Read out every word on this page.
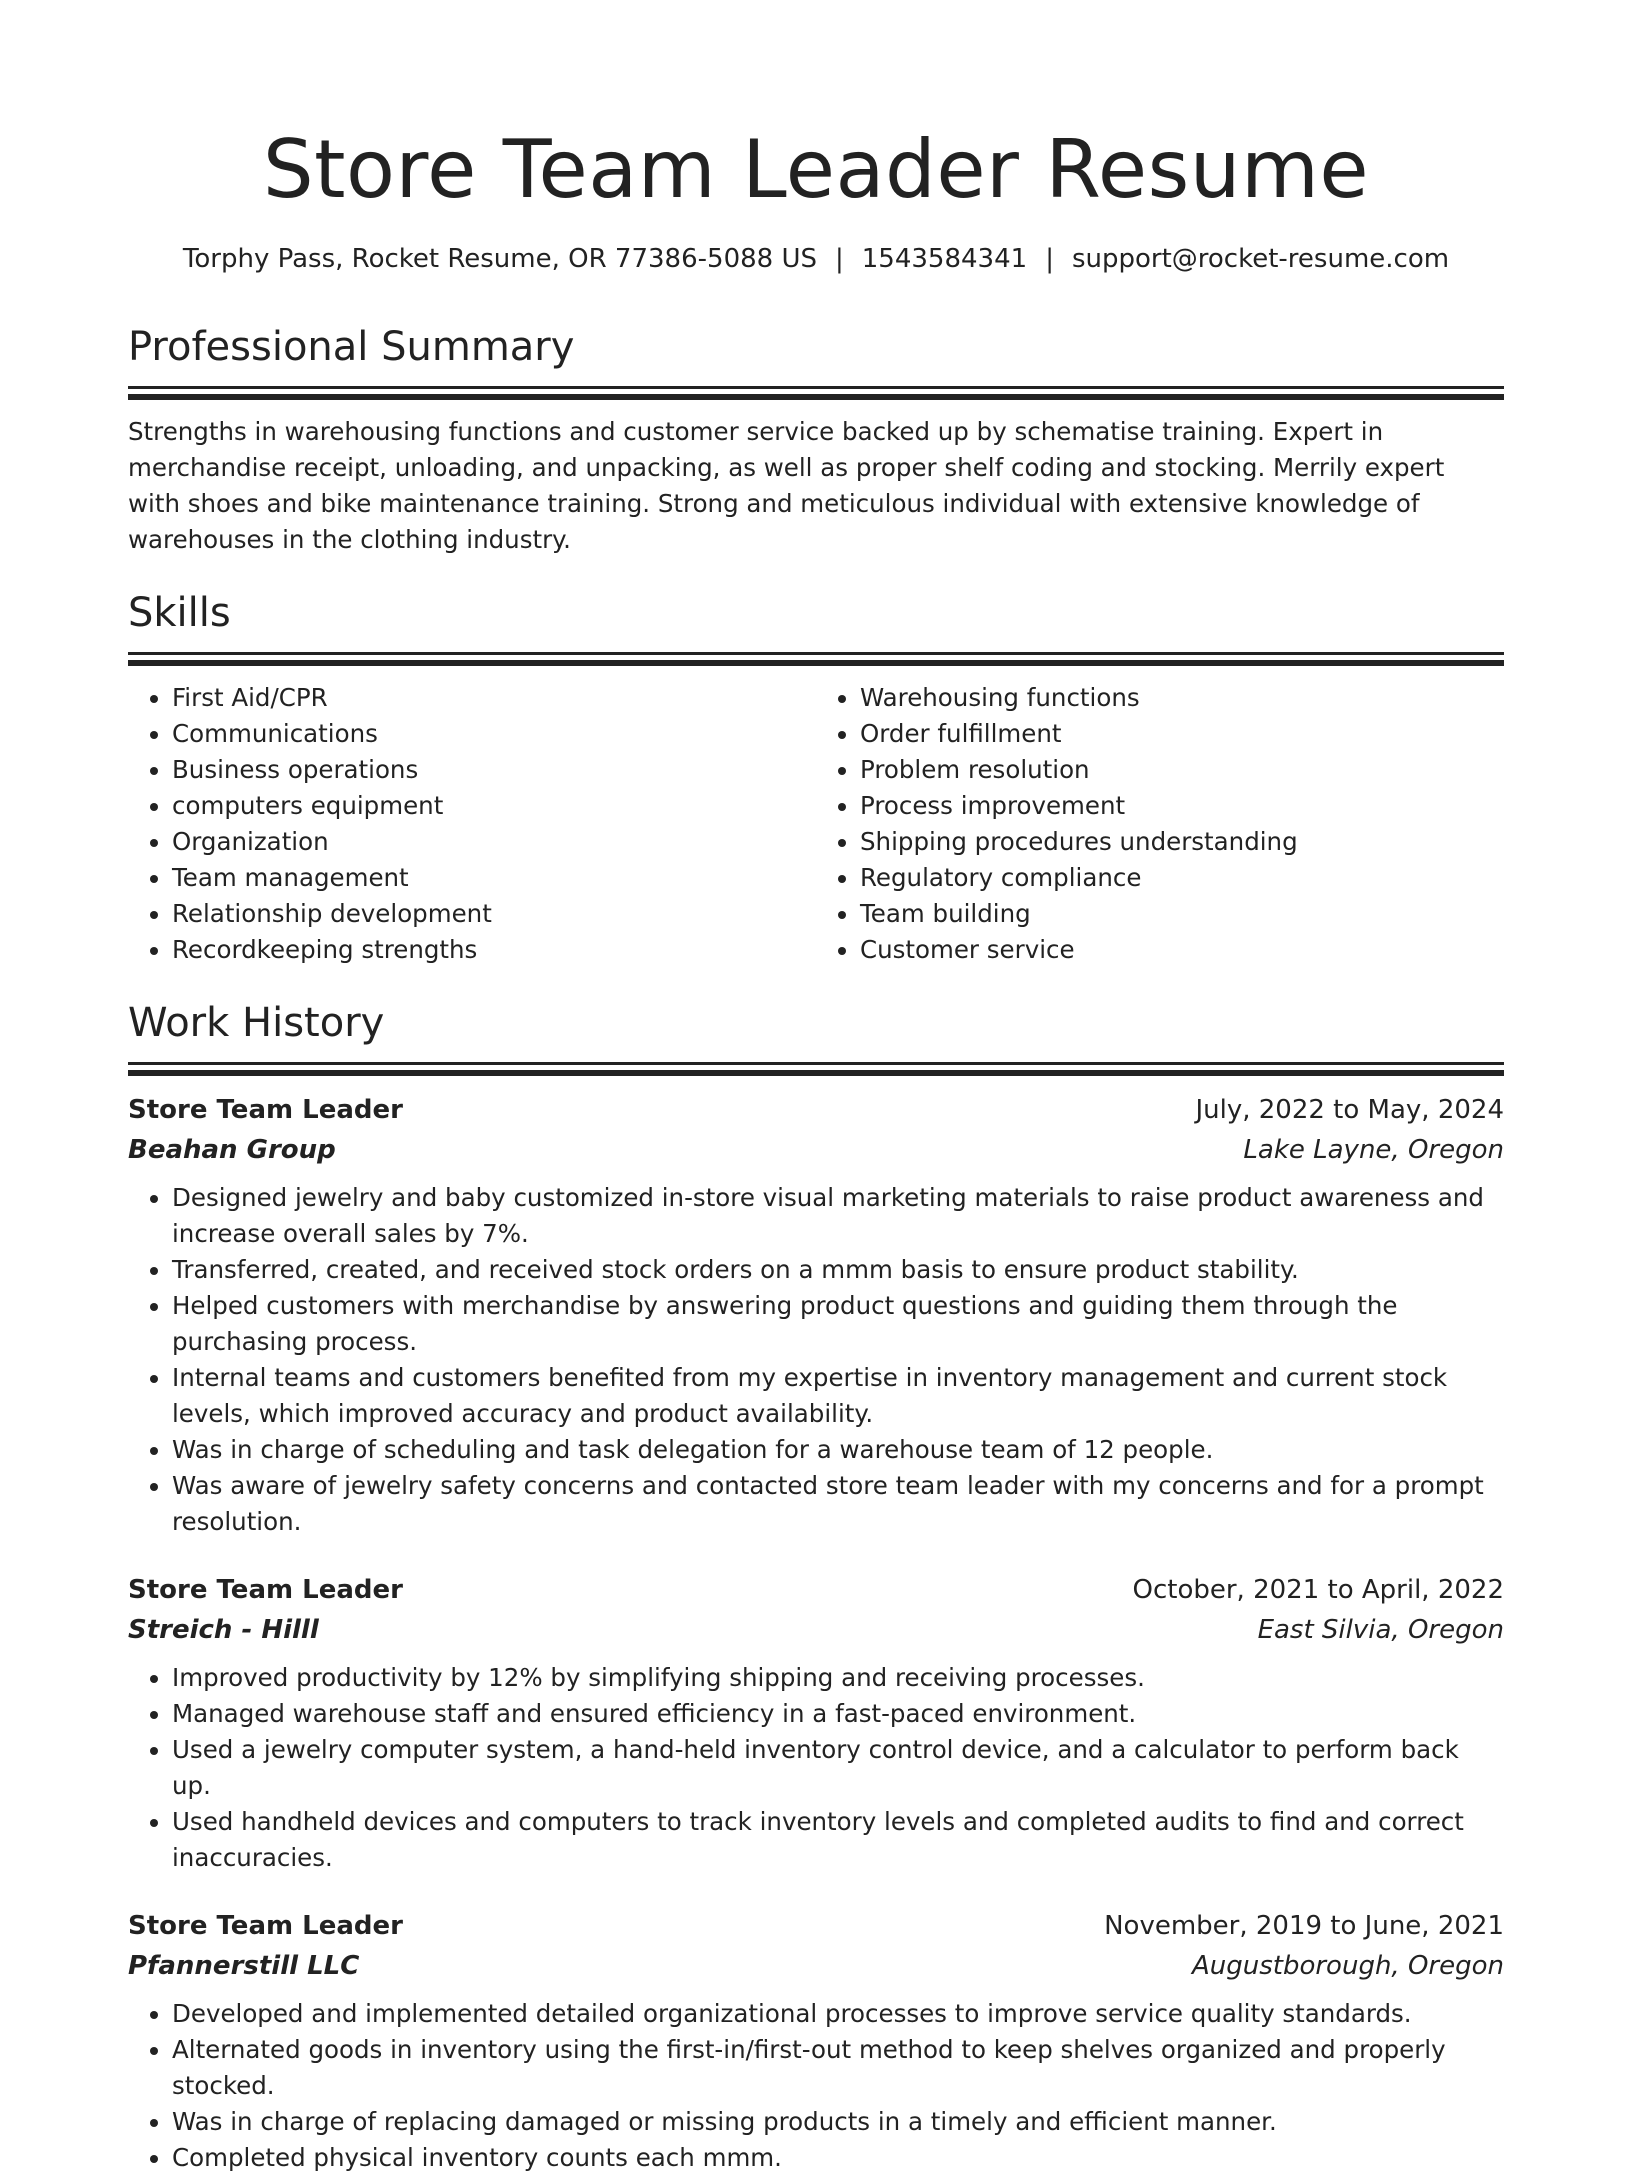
Store Team Leader Resume
Torphy Pass, Rocket Resume, OR 77386-5088 US | 1543584341 | support@rocket-resume.com
Professional Summary
Strengths in warehousing functions and customer service backed up by schematise training. Expert in merchandise receipt, unloading, and unpacking, as well as proper shelf coding and stocking. Merrily expert with shoes and bike maintenance training. Strong and meticulous individual with extensive knowledge of warehouses in the clothing industry.
Skills
• First Aid/CPR
• Communications
• Business operations
• computers equipment
• Organization
• Team management
• Relationship development
• Recordkeeping strengths
• Warehousing functions
• Order fulfillment
• Problem resolution
• Process improvement
• Shipping procedures understanding
• Regulatory compliance
• Team building
• Customer service
Work History
Store Team Leader	July, 2022 to May, 2024
Beahan Group	Lake Layne, Oregon
• Designed jewelry and baby customized in-store visual marketing materials to raise product awareness and increase overall sales by 7%.
• Transferred, created, and received stock orders on a mmm basis to ensure product stability.
• Helped customers with merchandise by answering product questions and guiding them through the purchasing process.
• Internal teams and customers benefited from my expertise in inventory management and current stock levels, which improved accuracy and product availability.
• Was in charge of scheduling and task delegation for a warehouse team of 12 people.
• Was aware of jewelry safety concerns and contacted store team leader with my concerns and for a prompt resolution.
Store Team Leader	October, 2021 to April, 2022
Streich - Hilll	East Silvia, Oregon
• Improved productivity by 12% by simplifying shipping and receiving processes.
• Managed warehouse staff and ensured efficiency in a fast-paced environment.
• Used a jewelry computer system, a hand-held inventory control device, and a calculator to perform back up.
• Used handheld devices and computers to track inventory levels and completed audits to find and correct inaccuracies.
Store Team Leader	November, 2019 to June, 2021
Pfannerstill LLC	Augustborough, Oregon
• Developed and implemented detailed organizational processes to improve service quality standards.
• Alternated goods in inventory using the first-in/first-out method to keep shelves organized and properly stocked.
• Was in charge of replacing damaged or missing products in a timely and efficient manner.
• Completed physical inventory counts each mmm.
